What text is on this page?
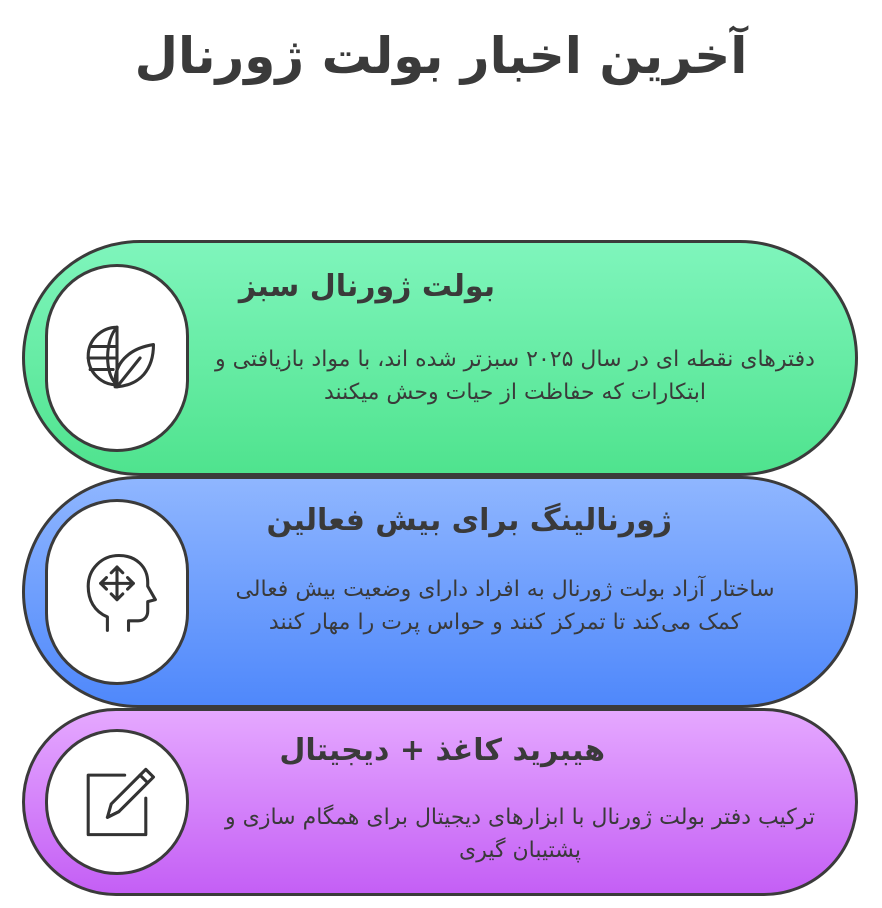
آخرین اخبار بولت ژورنال
بولت ژورنال سبز

دفترهای نقطه ای در سال ۲۰۲۵ سبزتر شده اند، با مواد بازیافتی و ابتکارات که حفاظت از حیات وحش میکنند

ژورنالینگ برای بیش فعالین

ساختار آزاد بولت ژورنال به افراد دارای وضعیت بیش فعالی کمک می‌کند تا تمرکز کنند و حواس پرت را مهار کنند

هیبرید کاغذ + دیجیتال

ترکیب دفتر بولت ژورنال با ابزارهای دیجیتال برای همگام سازی و پشتیبان گیری
